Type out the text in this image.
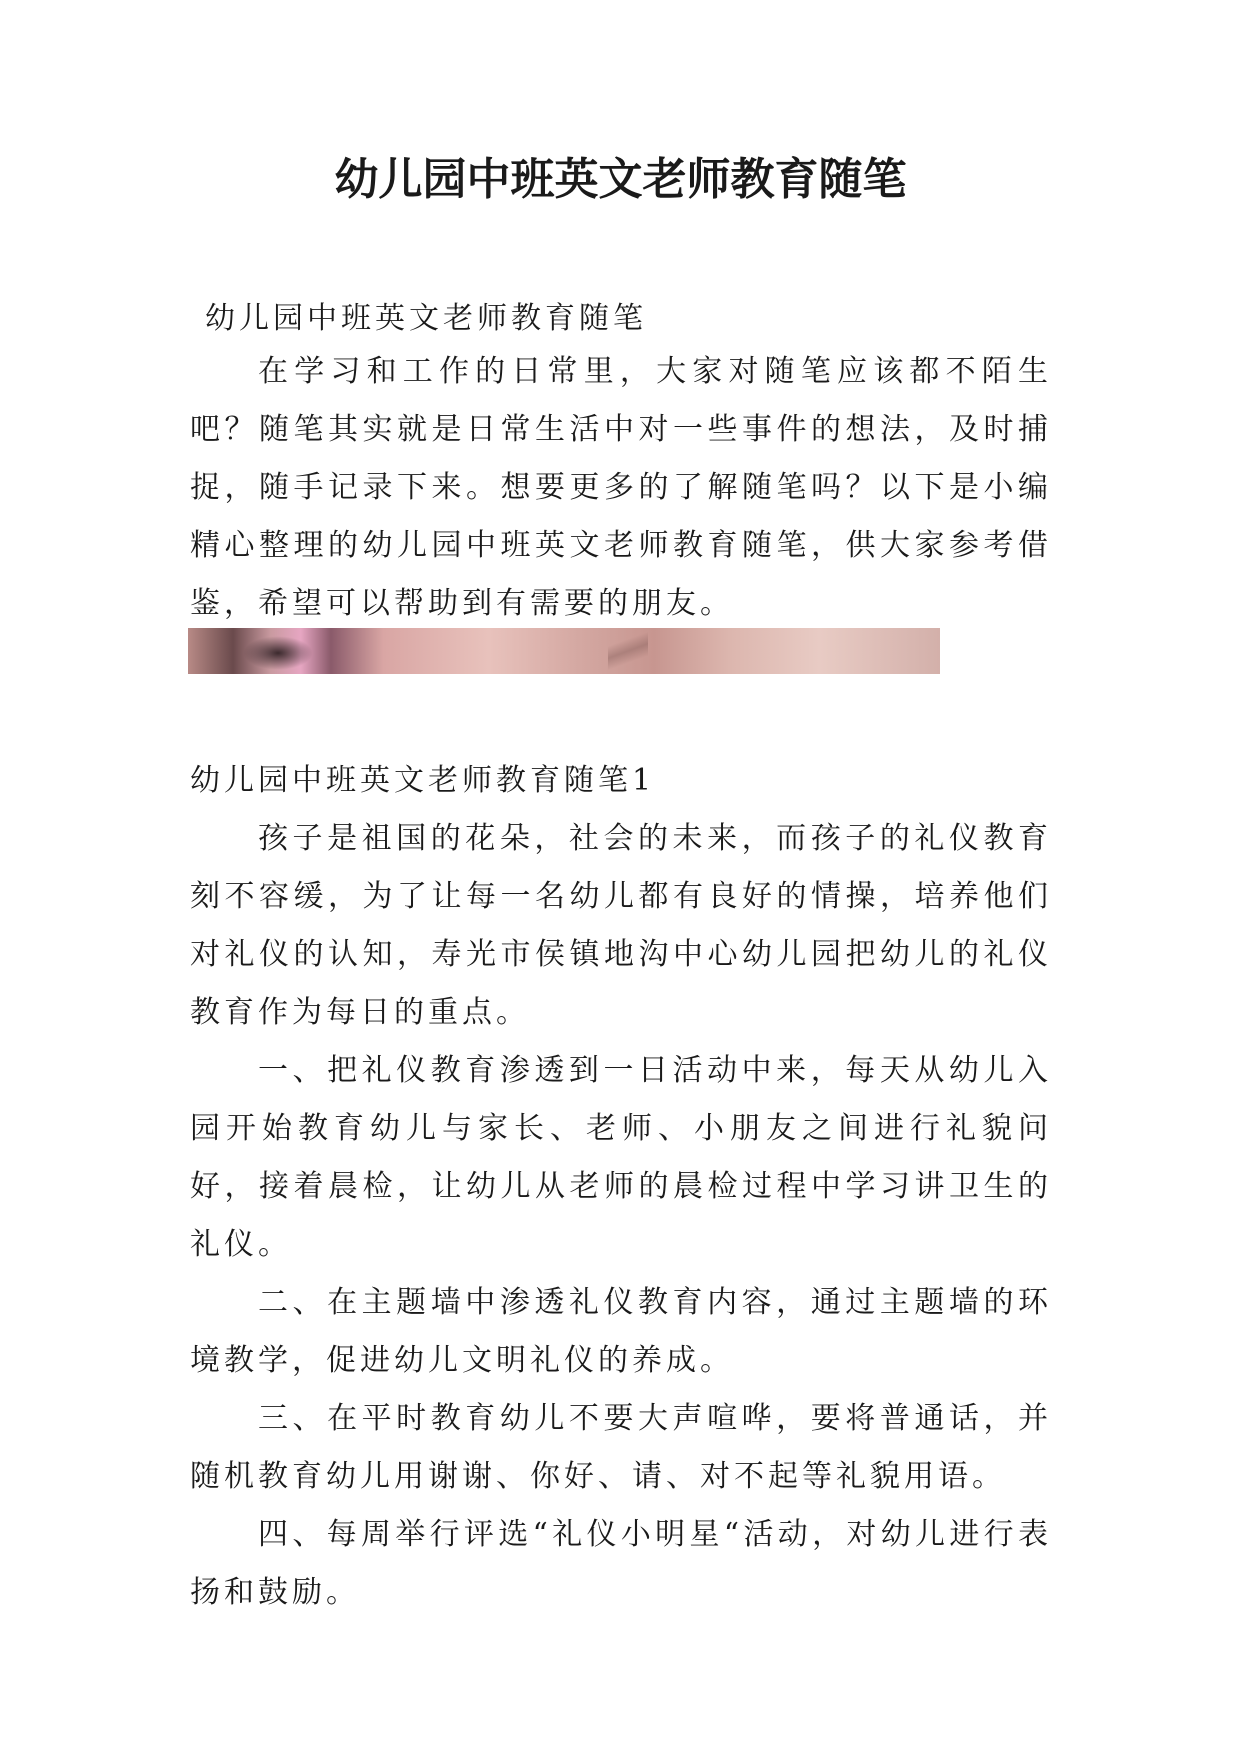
幼儿园中班英文老师教育随笔
幼儿园中班英文老师教育随笔

在学习和工作的日常里，大家对随笔应该都不陌生吧？随笔其实就是日常生活中对一些事件的想法，及时捕捉，随手记录下来。想要更多的了解随笔吗？以下是小编精心整理的幼儿园中班英文老师教育随笔，供大家参考借鉴，希望可以帮助到有需要的朋友。

幼儿园中班英文老师教育随笔1

孩子是祖国的花朵，社会的未来，而孩子的礼仪教育刻不容缓，为了让每一名幼儿都有良好的情操，培养他们对礼仪的认知，寿光市侯镇地沟中心幼儿园把幼儿的礼仪教育作为每日的重点。

一、把礼仪教育渗透到一日活动中来，每天从幼儿入园开始教育幼儿与家长、老师、小朋友之间进行礼貌问好，接着晨检，让幼儿从老师的晨检过程中学习讲卫生的礼仪。

二、在主题墙中渗透礼仪教育内容，通过主题墙的环境教学，促进幼儿文明礼仪的养成。

三、在平时教育幼儿不要大声喧哗，要将普通话，并随机教育幼儿用谢谢、你好、请、对不起等礼貌用语。

四、每周举行评选“礼仪小明星“活动，对幼儿进行表扬和鼓励。
